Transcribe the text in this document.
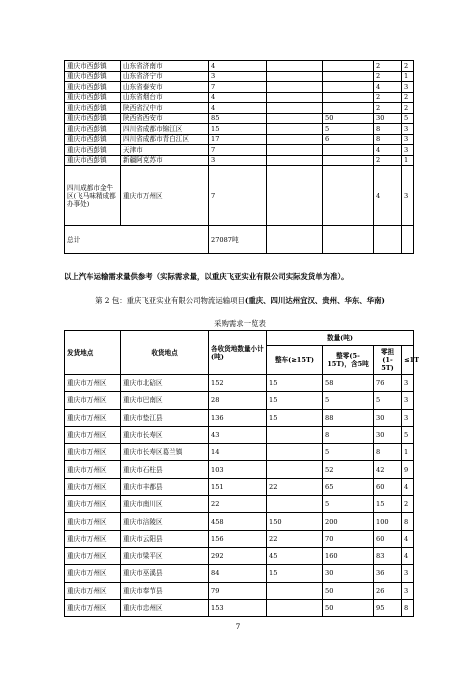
重庆市西彭镇	山东省济南市	4			2	2
重庆市西彭镇	山东省济宁市	3			2	1
重庆市西彭镇	山东省泰安市	7			4	3
重庆市西彭镇	山东省烟台市	4			2	2
重庆市西彭镇	陕西省汉中市	4			2	2
重庆市西彭镇	陕西省西安市	85		50	30	5
重庆市西彭镇	四川省成都市锦江区	15		5	8	3
重庆市西彭镇	四川省成都市青白江区	17		6	8	3
重庆市西彭镇	天津市	7			4	3
重庆市西彭镇	新疆阿克苏市	3			2	1
四川成都市金牛区(飞马味精成都办事处)	重庆市万州区	7			4	3
总计		27087吨				
以上汽车运输需求量供参考（实际需求量，以重庆飞亚实业有限公司实际发货单为准）。
第 2 包：重庆飞亚实业有限公司物流运输项目(重庆、四川达州宜汉、贵州、华东、华南)
采购需求一览表
发货地点	收货地点	各收货地数量小计(吨)	数量(吨)			
			整车(≥15T)	整零(5-15T)，含5吨	零担(1-5T)	≤1T
重庆市万州区	重庆市北碚区	152	15	58	76	3
重庆市万州区	重庆市巴南区	28	15	5	5	3
重庆市万州区	重庆市垫江县	136	15	88	30	3
重庆市万州区	重庆市长寿区	43		8	30	5
重庆市万州区	重庆市长寿区葛兰镇	14		5	8	1
重庆市万州区	重庆市石柱县	103		52	42	9
重庆市万州区	重庆市丰都县	151	22	65	60	4
重庆市万州区	重庆市南川区	22		5	15	2
重庆市万州区	重庆市涪陵区	458	150	200	100	8
重庆市万州区	重庆市云阳县	156	22	70	60	4
重庆市万州区	重庆市梁平区	292	45	160	83	4
重庆市万州区	重庆市巫溪县	84	15	30	36	3
重庆市万州区	重庆市奉节县	79		50	26	3
重庆市万州区	重庆市忠州区	153		50	95	8
7
